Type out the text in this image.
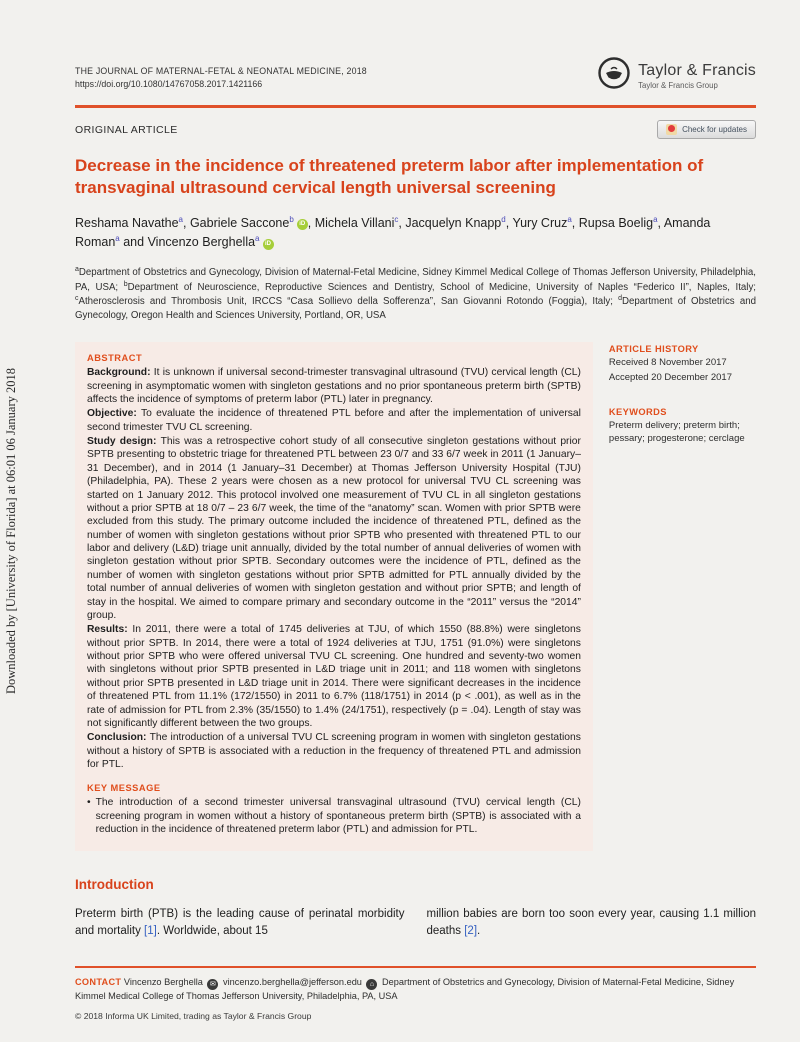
Downloaded by [University of Florida] at 06:01 06 January 2018
THE JOURNAL OF MATERNAL-FETAL & NEONATAL MEDICINE, 2018
https://doi.org/10.1080/14767058.2017.1421166
Taylor & Francis
Taylor & Francis Group
ORIGINAL ARTICLE	Check for updates
Decrease in the incidence of threatened preterm labor after implementation of transvaginal ultrasound cervical length universal screening
Reshama Navathe$^a$, Gabriele Saccone$^b$iD , Michela Villani$^c$, Jacquelyn Knapp$^d$, Yury Cruz$^a$, Rupsa Boelig$^a$, Amanda Roman$^a$ and Vincenzo Berghella$^a$iD
$^a$Department of Obstetrics and Gynecology, Division of Maternal-Fetal Medicine, Sidney Kimmel Medical College of Thomas Jefferson University, Philadelphia, PA, USA; $^b$Department of Neuroscience, Reproductive Sciences and Dentistry, School of Medicine, University of Naples “Federico II”, Naples, Italy; $^c$Atherosclerosis and Thrombosis Unit, IRCCS “Casa Sollievo della Sofferenza”, San Giovanni Rotondo (Foggia), Italy; $^d$Department of Obstetrics and Gynecology, Oregon Health and Sciences University, Portland, OR, USA
ABSTRACT
Background: It is unknown if universal second-trimester transvaginal ultrasound (TVU) cervical length (CL) screening in asymptomatic women with singleton gestations and no prior spontaneous preterm birth (SPTB) affects the incidence of symptoms of preterm labor (PTL) later in pregnancy.
Objective: To evaluate the incidence of threatened PTL before and after the implementation of universal second trimester TVU CL screening.
Study design: This was a retrospective cohort study of all consecutive singleton gestations without prior SPTB presenting to obstetric triage for threatened PTL between 23 0/7 and 33 6/7 week in 2011 (1 January–31 December), and in 2014 (1 January–31 December) at Thomas Jefferson University Hospital (TJU) (Philadelphia, PA). These 2 years were chosen as a new protocol for universal TVU CL screening was started on 1 January 2012. This protocol involved one measurement of TVU CL in all singleton gestations without a prior SPTB at 18 0/7 – 23 6/7 week, the time of the “anatomy” scan. Women with prior SPTB were excluded from this study. The primary outcome included the incidence of threatened PTL, defined as the number of women with singleton gestations without prior SPTB who presented with threatened PTL to our labor and delivery (L&D) triage unit annually, divided by the total number of annual deliveries of women with singleton gestation without prior SPTB. Secondary outcomes were the incidence of PTL, defined as the number of women with singleton gestations without prior SPTB admitted for PTL annually divided by the total number of annual deliveries of women with singleton gestation and without prior SPTB; and length of stay in the hospital. We aimed to compare primary and secondary outcome in the “2011” versus the “2014” group.
Results: In 2011, there were a total of 1745 deliveries at TJU, of which 1550 (88.8%) were singletons without prior SPTB. In 2014, there were a total of 1924 deliveries at TJU, 1751 (91.0%) were singletons without prior SPTB who were offered universal TVU CL screening. One hundred and seventy-two women with singletons without prior SPTB presented in L&D triage unit in 2011; and 118 women with singletons without prior SPTB presented in L&D triage unit in 2014. There were significant decreases in the incidence of threatened PTL from 11.1% (172/1550) in 2011 to 6.7% (118/1751) in 2014 (p < .001), as well as in the rate of admission for PTL from 2.3% (35/1550) to 1.4% (24/1751), respectively (p = .04). Length of stay was not significantly different between the two groups.
Conclusion: The introduction of a universal TVU CL screening program in women with singleton gestations without a history of SPTB is associated with a reduction in the frequency of threatened PTL and admission for PTL.
KEY MESSAGE
• The introduction of a second trimester universal transvaginal ultrasound (TVU) cervical length (CL) screening program in women without a history of spontaneous preterm birth (SPTB) is associated with a reduction in the incidence of threatened preterm labor (PTL) and admission for PTL.
ARTICLE HISTORY
Received 8 November 2017
Accepted 20 December 2017
KEYWORDS
Preterm delivery; preterm birth; pessary; progesterone; cerclage
Introduction

Preterm birth (PTB) is the leading cause of perinatal morbidity and mortality [1]. Worldwide, about 15

million babies are born too soon every year, causing 1.1 million deaths [2].

CONTACT Vincenzo Berghella ✉ vincenzo.berghella@jefferson.edu ⌂ Department of Obstetrics and Gynecology, Division of Maternal-Fetal Medicine, Sidney Kimmel Medical College of Thomas Jefferson University, Philadelphia, PA, USA

© 2018 Informa UK Limited, trading as Taylor & Francis Group
